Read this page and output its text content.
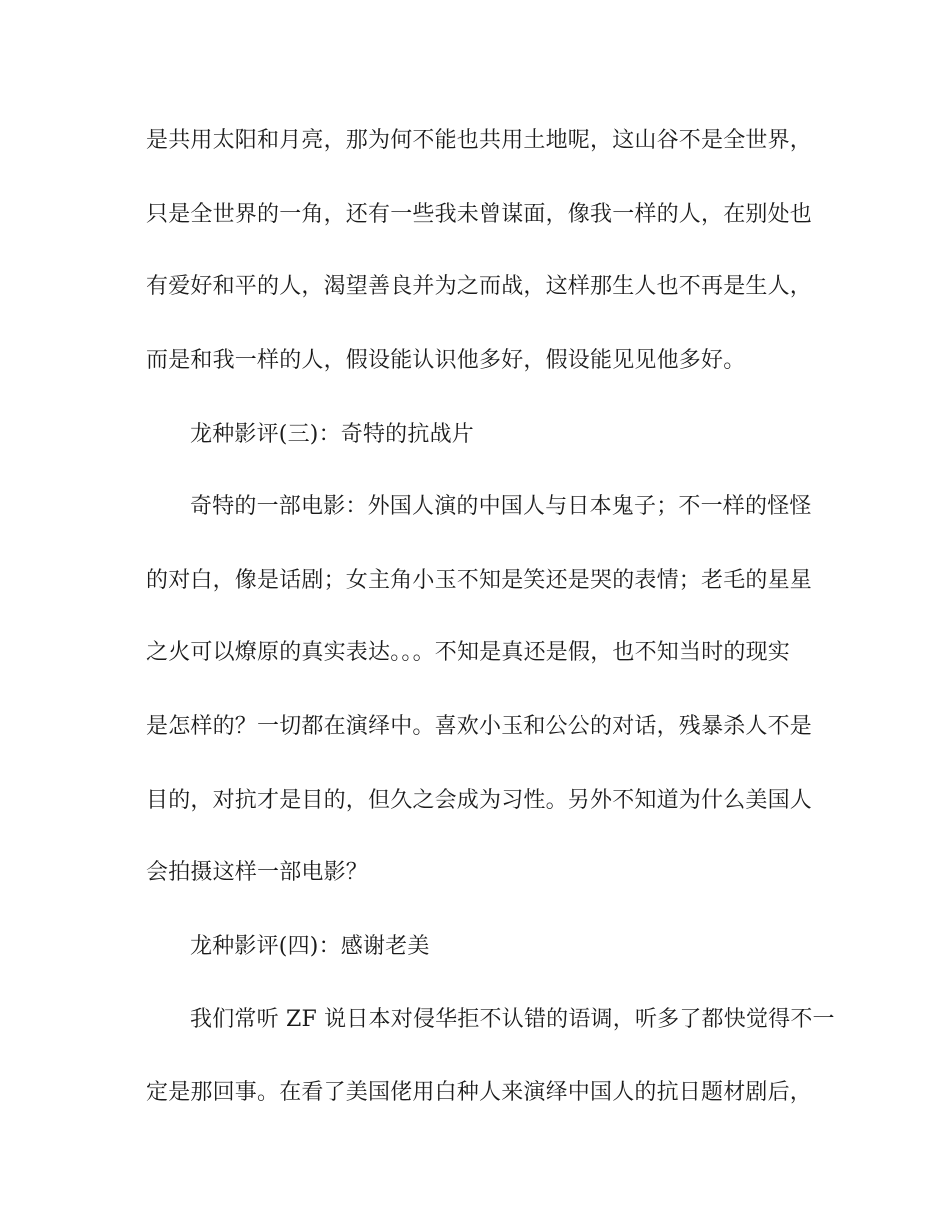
是共用太阳和月亮，那为何不能也共用土地呢，这山谷不是全世界，
只是全世界的一角，还有一些我未曾谋面，像我一样的人，在别处也
有爱好和平的人，渴望善良并为之而战，这样那生人也不再是生人，
而是和我一样的人，假设能认识他多好，假设能见见他多好。
龙种影评(三)：奇特的抗战片
奇特的一部电影：外国人演的中国人与日本鬼子；不一样的怪怪
的对白，像是话剧；女主角小玉不知是笑还是哭的表情；老毛的星星
之火可以燎原的真实表达。。。不知是真还是假，也不知当时的现实
是怎样的？一切都在演绎中。喜欢小玉和公公的对话，残暴杀人不是
目的，对抗才是目的，但久之会成为习性。另外不知道为什么美国人
会拍摄这样一部电影？
龙种影评(四)：感谢老美
我们常听 ZF 说日本对侵华拒不认错的语调，听多了都快觉得不一
定是那回事。在看了美国佬用白种人来演绎中国人的抗日题材剧后，
